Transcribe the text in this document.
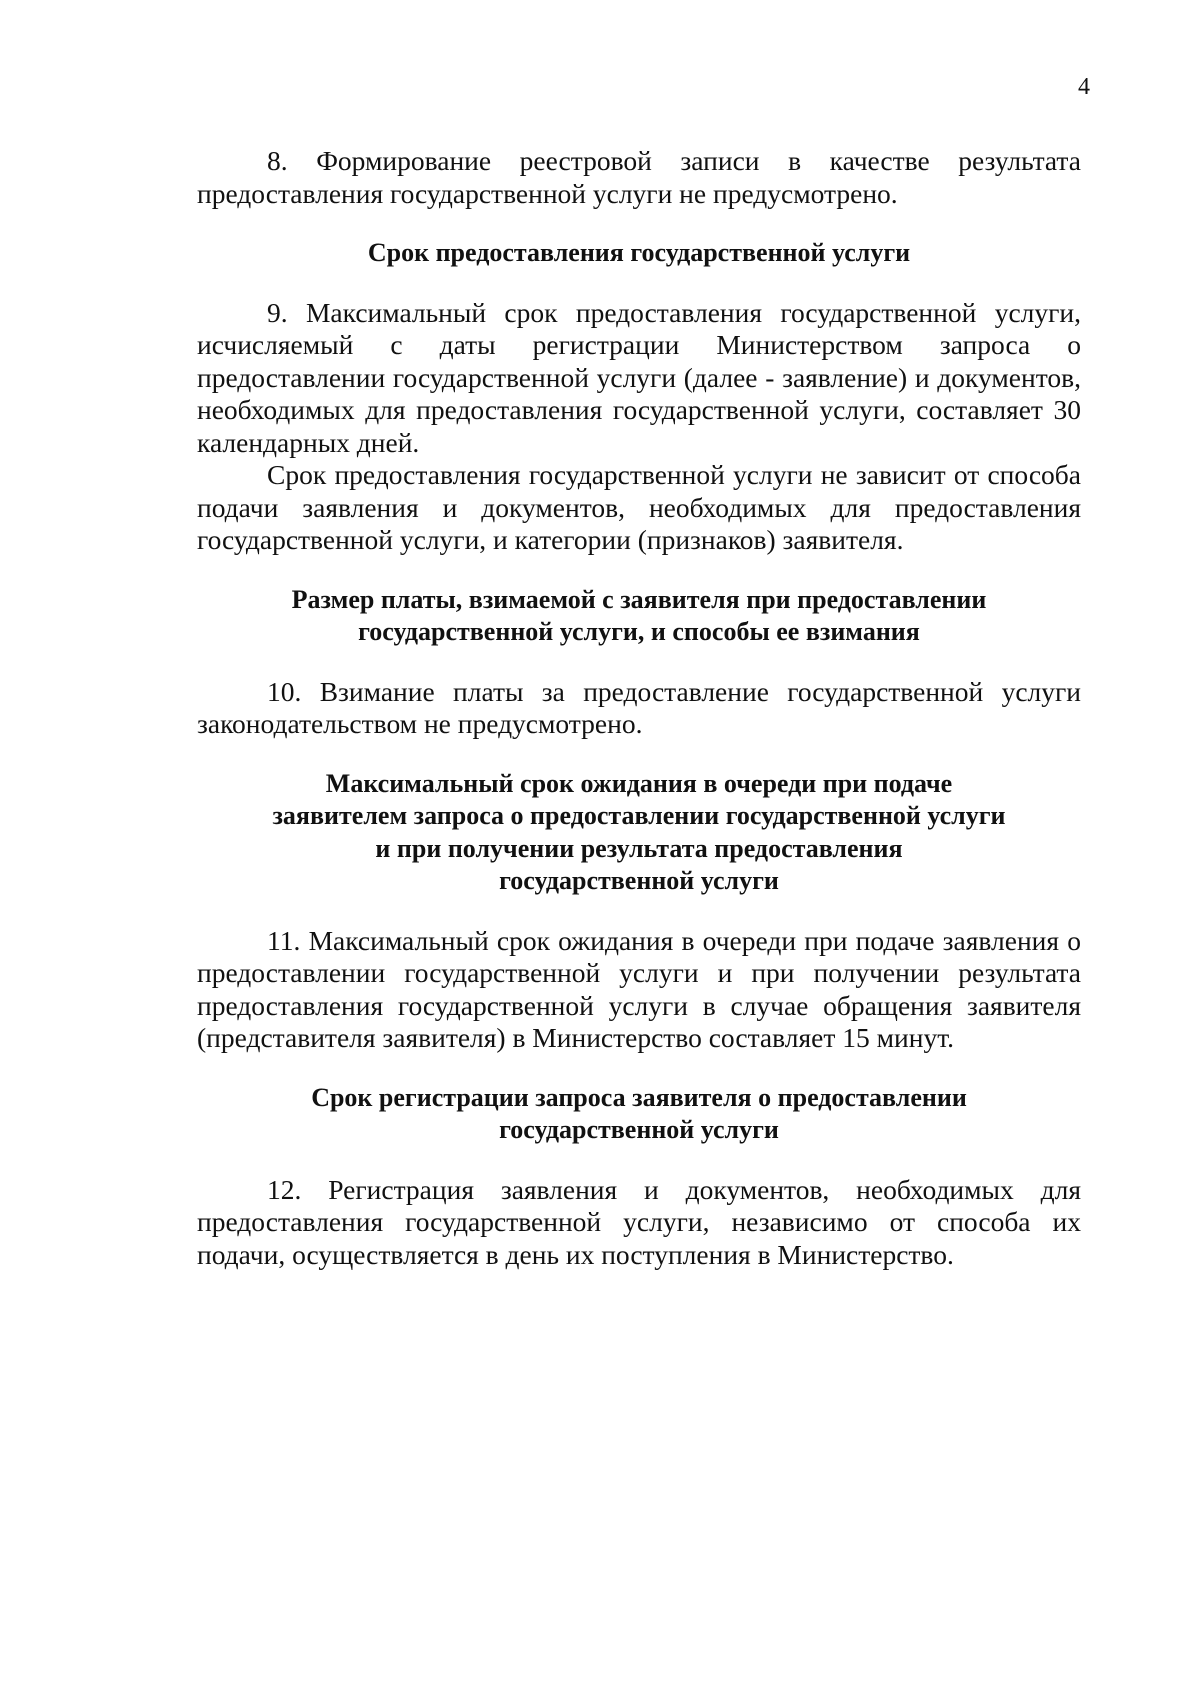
4

8. Формирование реестровой записи в качестве результата предоставления государственной услуги не предусмотрено.

Срок предоставления государственной услуги

9. Максимальный срок предоставления государственной услуги, исчисляемый с даты регистрации Министерством запроса о предоставлении государственной услуги (далее - заявление) и документов, необходимых для предоставления государственной услуги, составляет 30 календарных дней.

Срок предоставления государственной услуги не зависит от способа подачи заявления и документов, необходимых для предоставления государственной услуги, и категории (признаков) заявителя.

Размер платы, взимаемой с заявителя при предоставлении
государственной услуги, и способы ее взимания

10. Взимание платы за предоставление государственной услуги законодательством не предусмотрено.

Максимальный срок ожидания в очереди при подаче
заявителем запроса о предоставлении государственной услуги
и при получении результата предоставления
государственной услуги

11. Максимальный срок ожидания в очереди при подаче заявления о предоставлении государственной услуги и при получении результата предоставления государственной услуги в случае обращения заявителя (представителя заявителя) в Министерство составляет 15 минут.

Срок регистрации запроса заявителя о предоставлении
государственной услуги

12. Регистрация заявления и документов, необходимых для предоставления государственной услуги, независимо от способа их подачи, осуществляется в день их поступления в Министерство.
